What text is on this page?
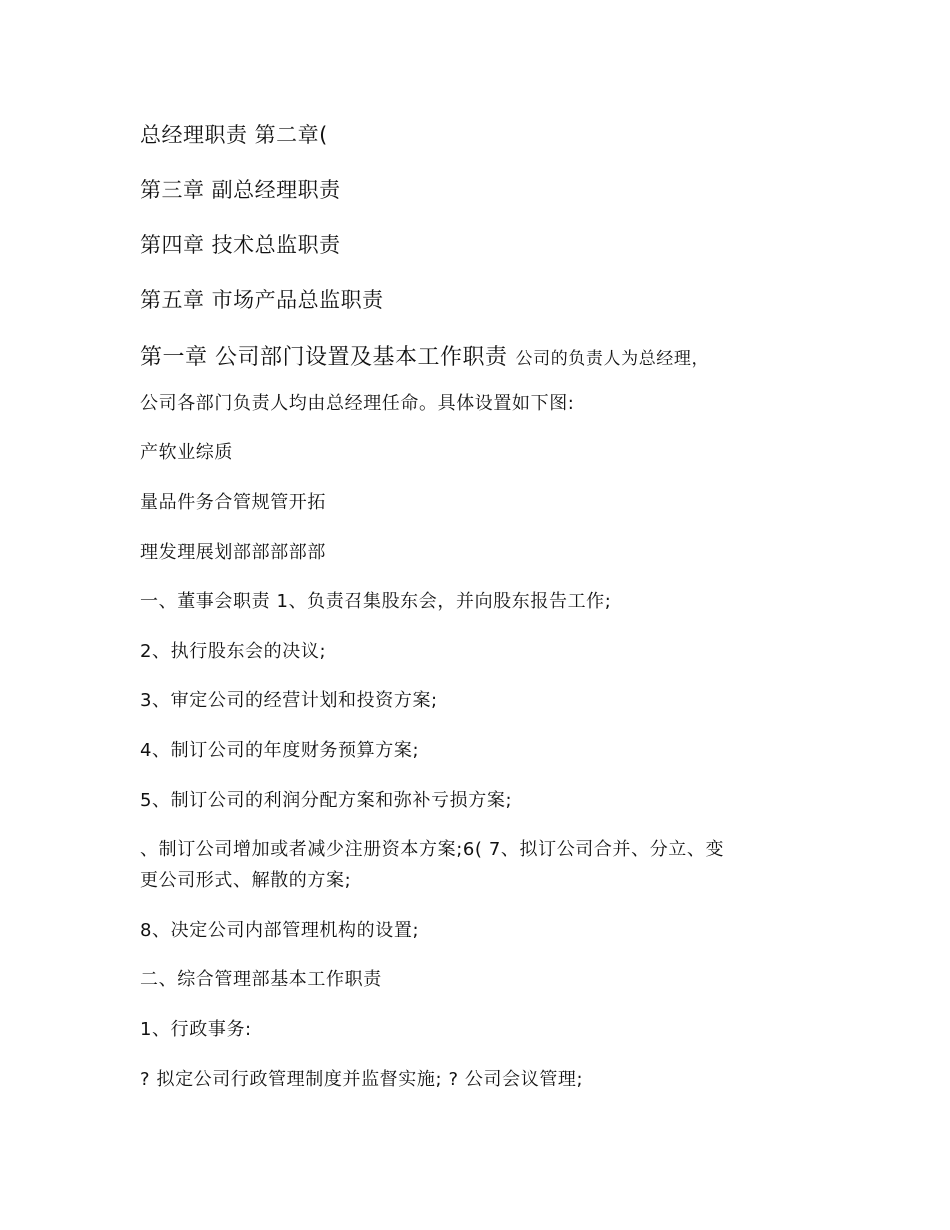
总经理职责 第二章(
第三章 副总经理职责
第四章 技术总监职责
第五章 市场产品总监职责
第一章 公司部门设置及基本工作职责 公司的负责人为总经理，
公司各部门负责人均由总经理任命。具体设置如下图:
产软业综质
量品件务合管规管开拓
理发理展划部部部部部
一、董事会职责 1、负责召集股东会，并向股东报告工作;
2、执行股东会的决议;
3、审定公司的经营计划和投资方案;
4、制订公司的年度财务预算方案;
5、制订公司的利润分配方案和弥补亏损方案;
、制订公司增加或者减少注册资本方案;6( 7、拟订公司合并、分立、变
更公司形式、解散的方案;
8、决定公司内部管理机构的设置;
二、综合管理部基本工作职责
1、行政事务:
? 拟定公司行政管理制度并监督实施; ? 公司会议管理;
